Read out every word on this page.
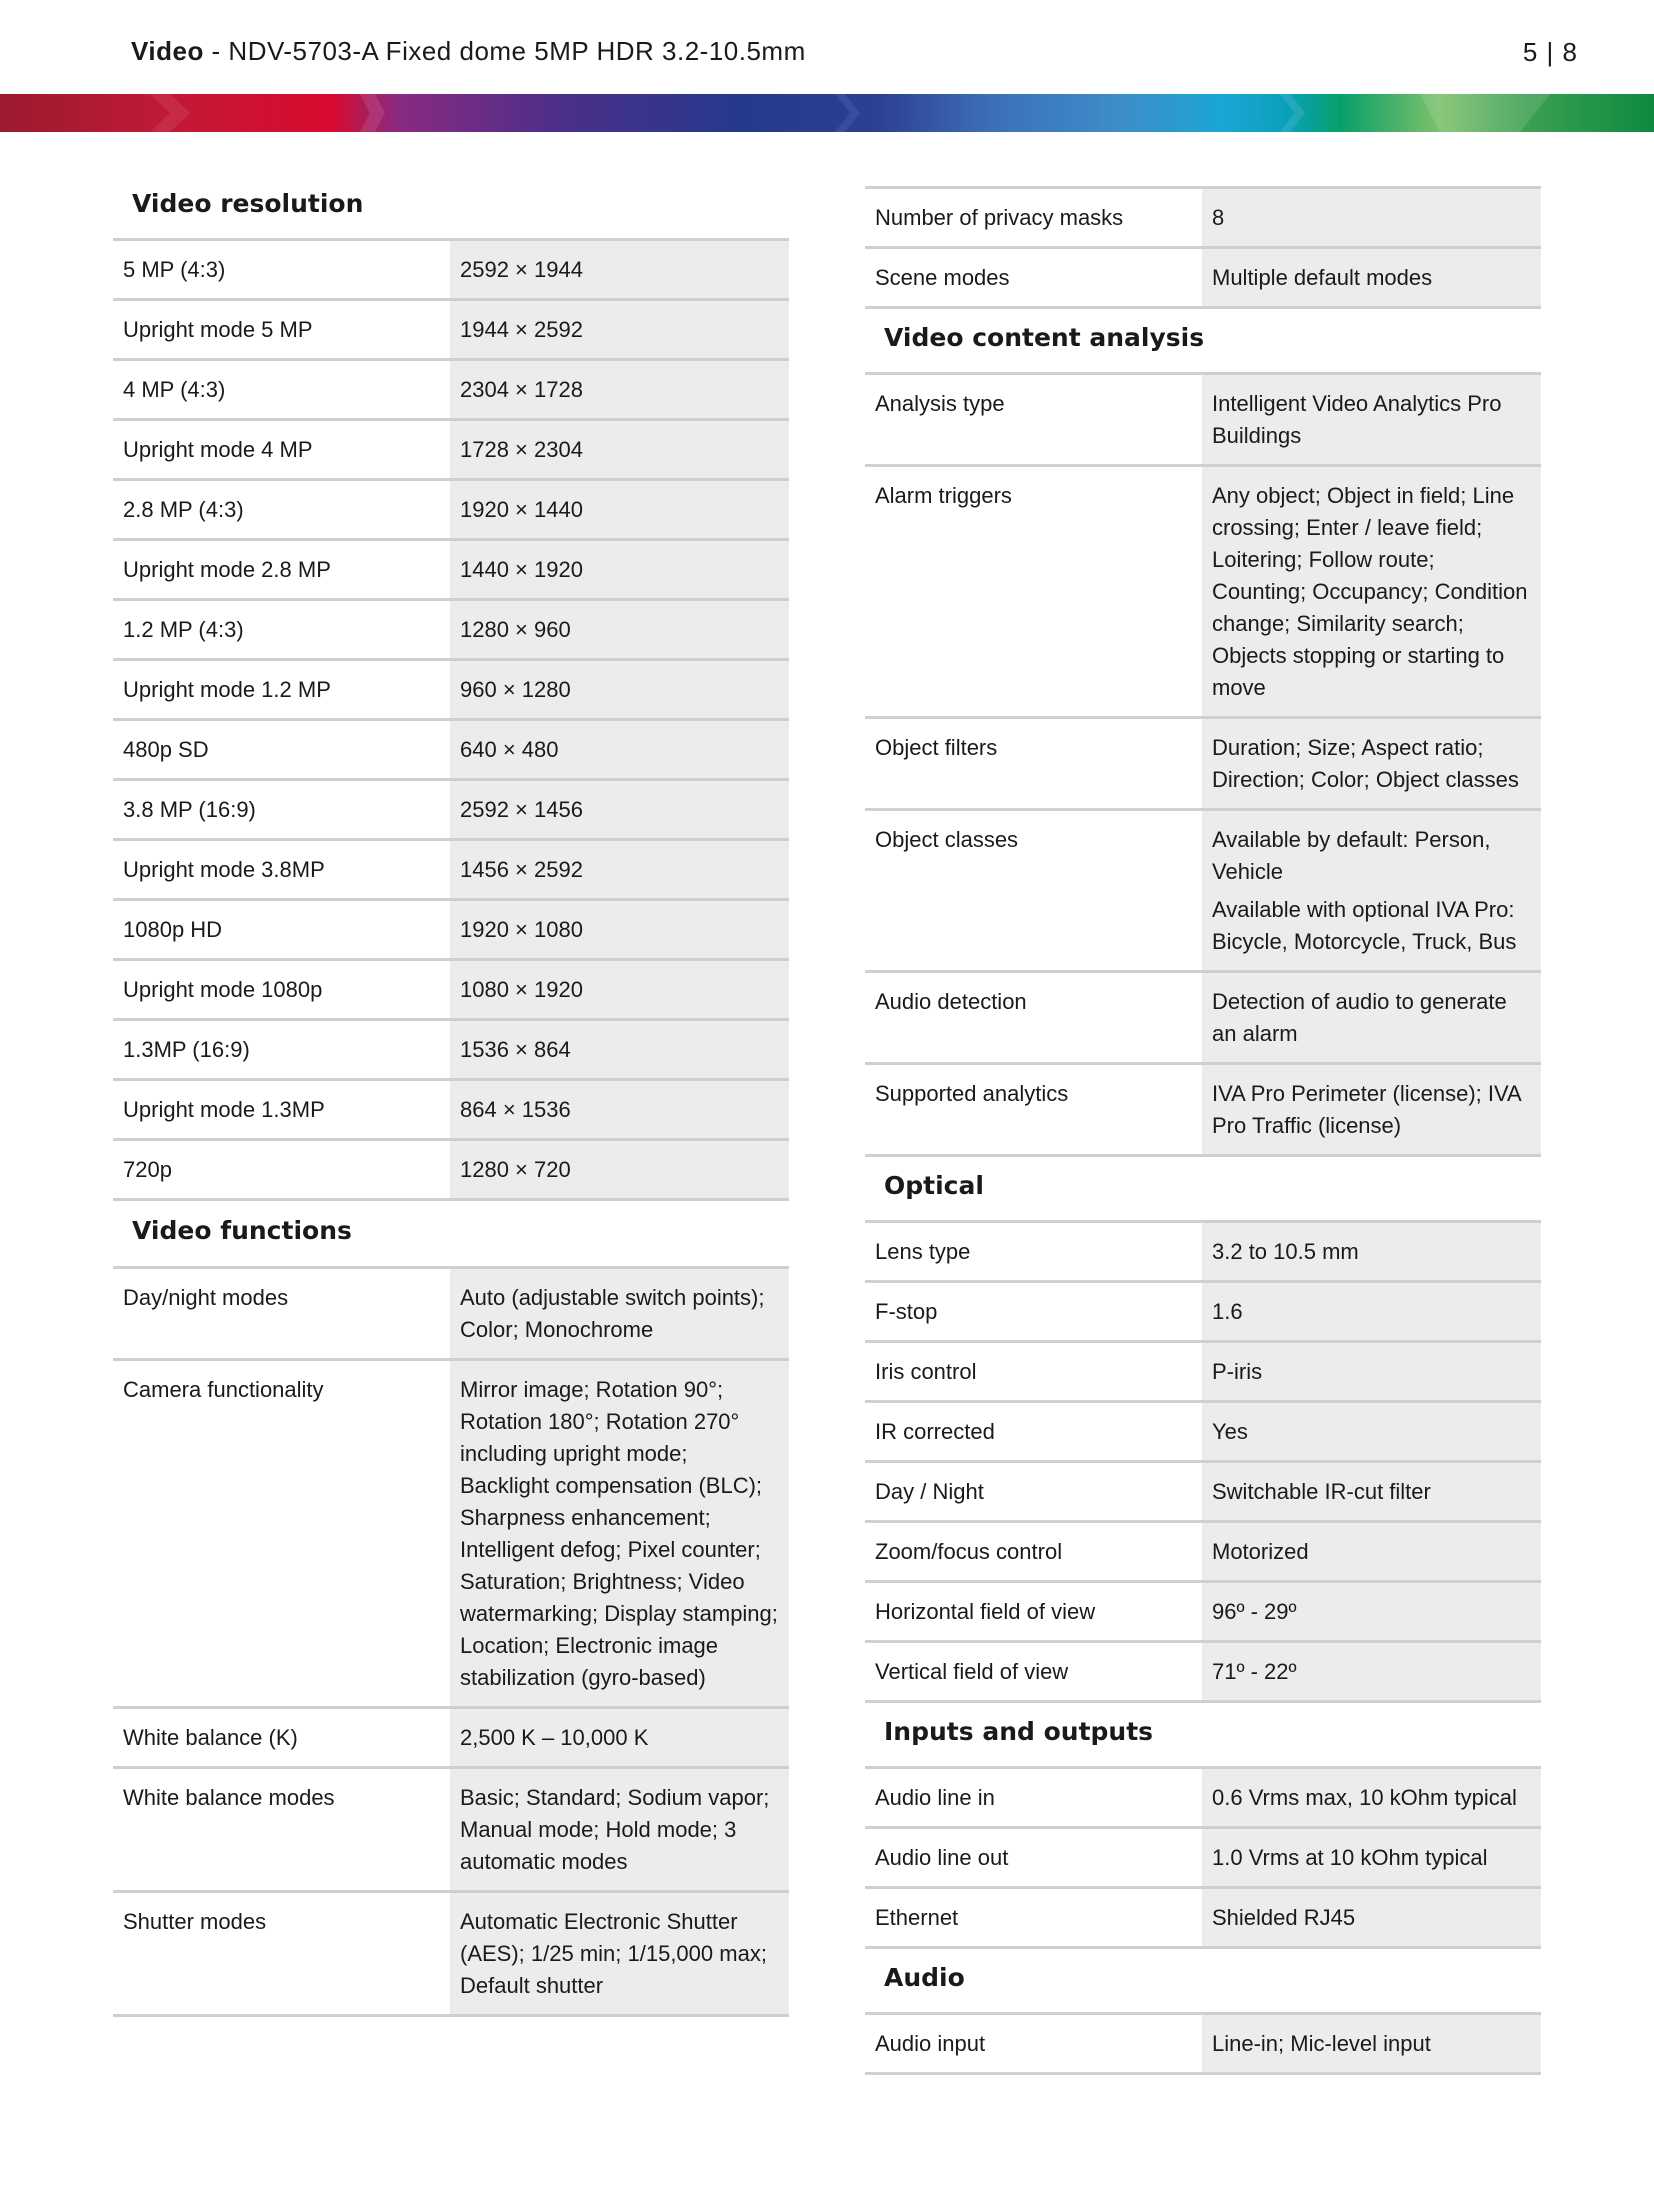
Video - NDV-5703-A Fixed dome 5MP HDR 3.2-10.5mm	5 | 8
Video resolution
5 MP (4:3)	2592 × 1944
Upright mode 5 MP	1944 × 2592
4 MP (4:3)	2304 × 1728
Upright mode 4 MP	1728 × 2304
2.8 MP (4:3)	1920 × 1440
Upright mode 2.8 MP	1440 × 1920
1.2 MP (4:3)	1280 × 960
Upright mode 1.2 MP	960 × 1280
480p SD	640 × 480
3.8 MP (16:9)	2592 × 1456
Upright mode 3.8MP	1456 × 2592
1080p HD	1920 × 1080
Upright mode 1080p	1080 × 1920
1.3MP (16:9)	1536 × 864
Upright mode 1.3MP	864 × 1536
720p	1280 × 720
Video functions
Day/night modes	Auto (adjustable switch points); Color; Monochrome
Camera functionality	Mirror image; Rotation 90°; Rotation 180°; Rotation 270° including upright mode; Backlight compensation (BLC); Sharpness enhancement; Intelligent defog; Pixel counter; Saturation; Brightness; Video watermarking; Display stamping; Location; Electronic image stabilization (gyro-based)
White balance (K)	2,500 K – 10,000 K
White balance modes	Basic; Standard; Sodium vapor; Manual mode; Hold mode; 3 automatic modes
Shutter modes	Automatic Electronic Shutter (AES); 1/25 min; 1/15,000 max; Default shutter
Number of privacy masks	8
Scene modes	Multiple default modes
Video content analysis
Analysis type	Intelligent Video Analytics Pro Buildings
Alarm triggers	Any object; Object in field; Line crossing; Enter / leave field; Loitering; Follow route; Counting; Occupancy; Condition change; Similarity search; Objects stopping or starting to move
Object filters	Duration; Size; Aspect ratio; Direction; Color; Object classes
Object classes	Available by default: Person, Vehicle
Available with optional IVA Pro: Bicycle, Motorcycle, Truck, Bus
Audio detection	Detection of audio to generate an alarm
Supported analytics	IVA Pro Perimeter (license); IVA Pro Traffic (license)
Optical
Lens type	3.2 to 10.5 mm
F-stop	1.6
Iris control	P-iris
IR corrected	Yes
Day / Night	Switchable IR-cut filter
Zoom/focus control	Motorized
Horizontal field of view	96º - 29º
Vertical field of view	71º - 22º
Inputs and outputs
Audio line in	0.6 Vrms max, 10 kOhm typical
Audio line out	1.0 Vrms at 10 kOhm typical
Ethernet	Shielded RJ45
Audio
Audio input	Line-in; Mic-level input
